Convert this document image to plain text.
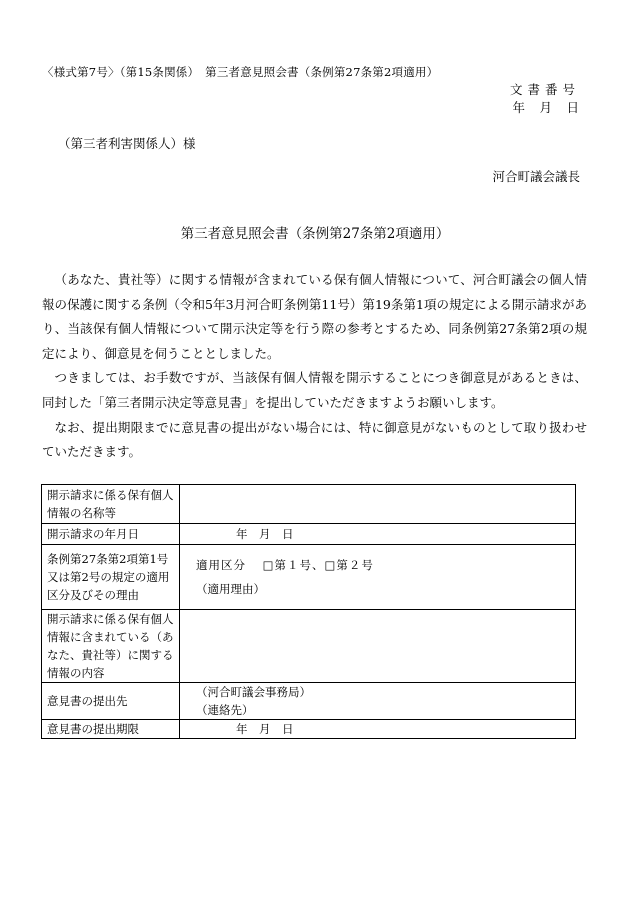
〈様式第7号〉（第15条関係）　第三者意見照会書（条例第27条第2項適用）
文書番号
年　月　日
（第三者利害関係人）様
河合町議会議長
第三者意見照会書（条例第27条第2項適用）

（あなた、貴社等）に関する情報が含まれている保有個人情報について、河合町議会の個人情報の保護に関する条例（令和5年3月河合町条例第11号）第19条第1項の規定による開示請求があり、当該保有個人情報について開示決定等を行う際の参考とするため、同条例第27条第2項の規定により、御意見を伺うこととしました。

つきましては、お手数ですが、当該保有個人情報を開示することにつき御意見があるときは、同封した「第三者開示決定等意見書」を提出していただきますようお願いします。

なお、提出期限までに意見書の提出がない場合には、特に御意見がないものとして取り扱わせていただきます。

開示請求に係る保有個人情報の名称等	
開示請求の年月日	年　月　日
条例第27条第2項第1号又は第2号の規定の適用区分及びその理由	適用区分 □第１号、□第２号
（適用理由）

開示請求に係る保有個人情報に含まれている（あなた、貴社等）に関する情報の内容	
意見書の提出先	（河合町議会事務局）
（連絡先）

意見書の提出期限	年　月　日
